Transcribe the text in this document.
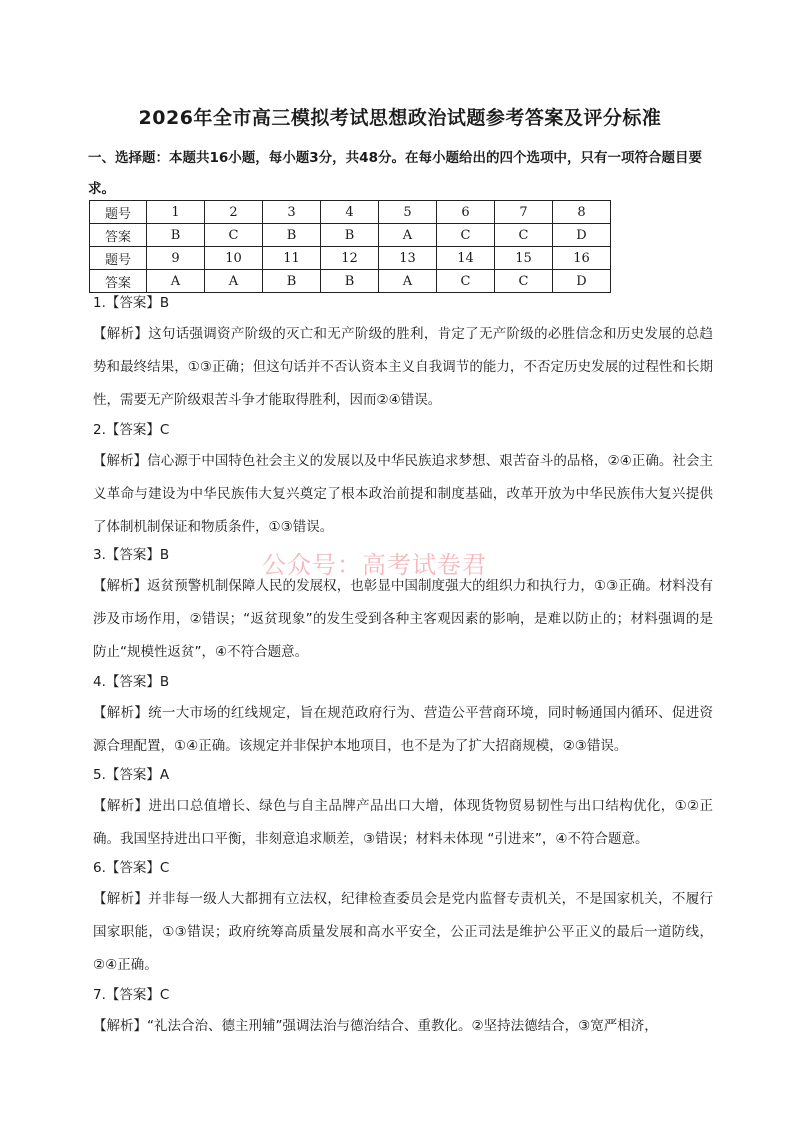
2026年全市高三模拟考试思想政治试题参考答案及评分标准
一、选择题：本题共16小题，每小题3分，共48分。在每小题给出的四个选项中，只有一项符合题目要求。
题号	1	2	3	4	5	6	7	8
答案	B	C	B	B	A	C	C	D
题号	9	10	11	12	13	14	15	16
答案	A	A	B	B	A	C	C	D
1.【答案】B
【解析】这句话强调资产阶级的灭亡和无产阶级的胜利，肯定了无产阶级的必胜信念和历史发展的总趋势和最终结果，①③正确；但这句话并不否认资本主义自我调节的能力，不否定历史发展的过程性和长期性，需要无产阶级艰苦斗争才能取得胜利，因而②④错误。
2.【答案】C
【解析】信心源于中国特色社会主义的发展以及中华民族追求梦想、艰苦奋斗的品格，②④正确。社会主义革命与建设为中华民族伟大复兴奠定了根本政治前提和制度基础，改革开放为中华民族伟大复兴提供了体制机制保证和物质条件，①③错误。
3.【答案】B
【解析】返贫预警机制保障人民的发展权，也彰显中国制度强大的组织力和执行力，①③正确。材料没有涉及市场作用，②错误；“返贫现象”的发生受到各种主客观因素的影响，是难以防止的；材料强调的是防止“规模性返贫”，④不符合题意。
4.【答案】B
【解析】统一大市场的红线规定，旨在规范政府行为、营造公平营商环境，同时畅通国内循环、促进资源合理配置，①④正确。该规定并非保护本地项目，也不是为了扩大招商规模，②③错误。
5.【答案】A
【解析】进出口总值增长、绿色与自主品牌产品出口大增，体现货物贸易韧性与出口结构优化，①②正确。我国坚持进出口平衡，非刻意追求顺差，③错误；材料未体现 “引进来”，④不符合题意。
6.【答案】C
【解析】并非每一级人大都拥有立法权，纪律检查委员会是党内监督专责机关，不是国家机关，不履行国家职能，①③错误；政府统筹高质量发展和高水平安全，公正司法是维护公平正义的最后一道防线，②④正确。
7.【答案】C
【解析】“礼法合治、德主刑辅”强调法治与德治结合、重教化。②坚持法德结合，③宽严相济，
公众号：高考试卷君
